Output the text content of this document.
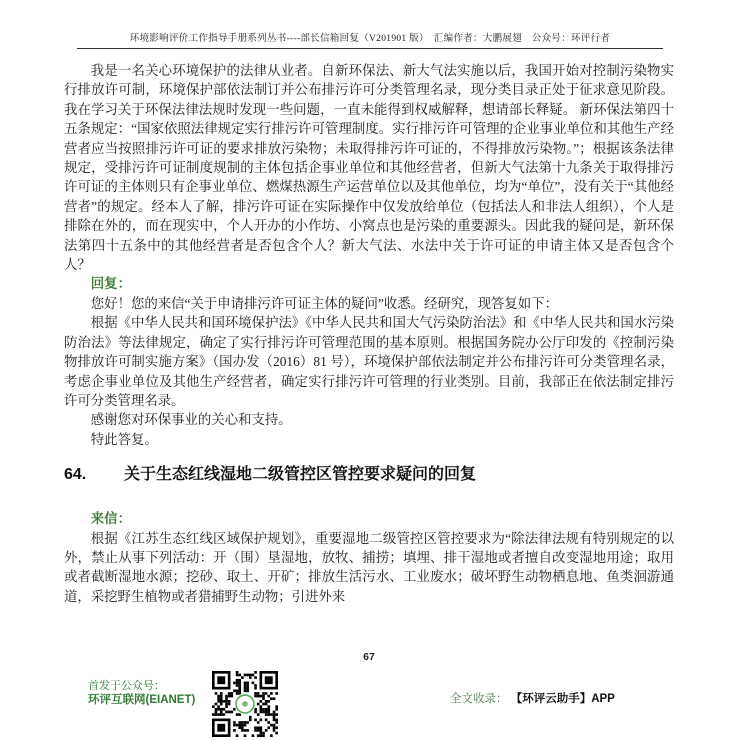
环境影响评价工作指导手册系列丛书----部长信箱回复（V201901 版）　汇编作者：大鹏展翅　公众号：环评行者

我是一名关心环境保护的法律从业者。自新环保法、新大气法实施以后，我国开始对控制污染物实行排放许可制，环境保护部依法制订并公布排污许可分类管理名录，现分类目录正处于征求意见阶段。我在学习关于环保法律法规时发现一些问题，一直未能得到权威解释，想请部长释疑。 新环保法第四十五条规定：“国家依照法律规定实行排污许可管理制度。实行排污许可管理的企业事业单位和其他生产经营者应当按照排污许可证的要求排放污染物；未取得排污许可证的，不得排放污染物。”；根据该条法律规定，受排污许可证制度规制的主体包括企事业单位和其他经营者，但新大气法第十九条关于取得排污许可证的主体则只有企事业单位、燃煤热源生产运营单位以及其他单位，均为“单位”，没有关于“其他经营者”的规定。经本人了解，排污许可证在实际操作中仅发放给单位（包括法人和非法人组织），个人是排除在外的，而在现实中，个人开办的小作坊、小窝点也是污染的重要源头。因此我的疑问是，新环保法第四十五条中的其他经营者是否包含个人？新大气法、水法中关于许可证的申请主体又是否包含个人？

回复：

您好！您的来信“关于申请排污许可证主体的疑问”收悉。经研究，现答复如下：

根据《中华人民共和国环境保护法》《中华人民共和国大气污染防治法》和《中华人民共和国水污染防治法》等法律规定，确定了实行排污许可管理范围的基本原则。根据国务院办公厅印发的《控制污染物排放许可制实施方案》（国办发（2016）81 号），环境保护部依法制定并公布排污许可分类管理名录，考虑企事业单位及其他生产经营者，确定实行排污许可管理的行业类别。目前，我部正在依法制定排污许可分类管理名录。

感谢您对环保事业的关心和支持。

特此答复。

64. 关于生态红线湿地二级管控区管控要求疑问的回复

来信：

根据《江苏生态红线区域保护规划》，重要湿地二级管控区管控要求为“除法律法规有特别规定的以外，禁止从事下列活动：开（围）垦湿地，放牧、捕捞；填埋、排干湿地或者擅自改变湿地用途；取用或者截断湿地水源；挖砂、取土、开矿；排放生活污水、工业废水；破坏野生动物栖息地、鱼类洄游通道，采挖野生植物或者猎捕野生动物；引进外来

67
首发于公众号：
环评互联网(EIANET)	全文收录： 【环评云助手】APP
